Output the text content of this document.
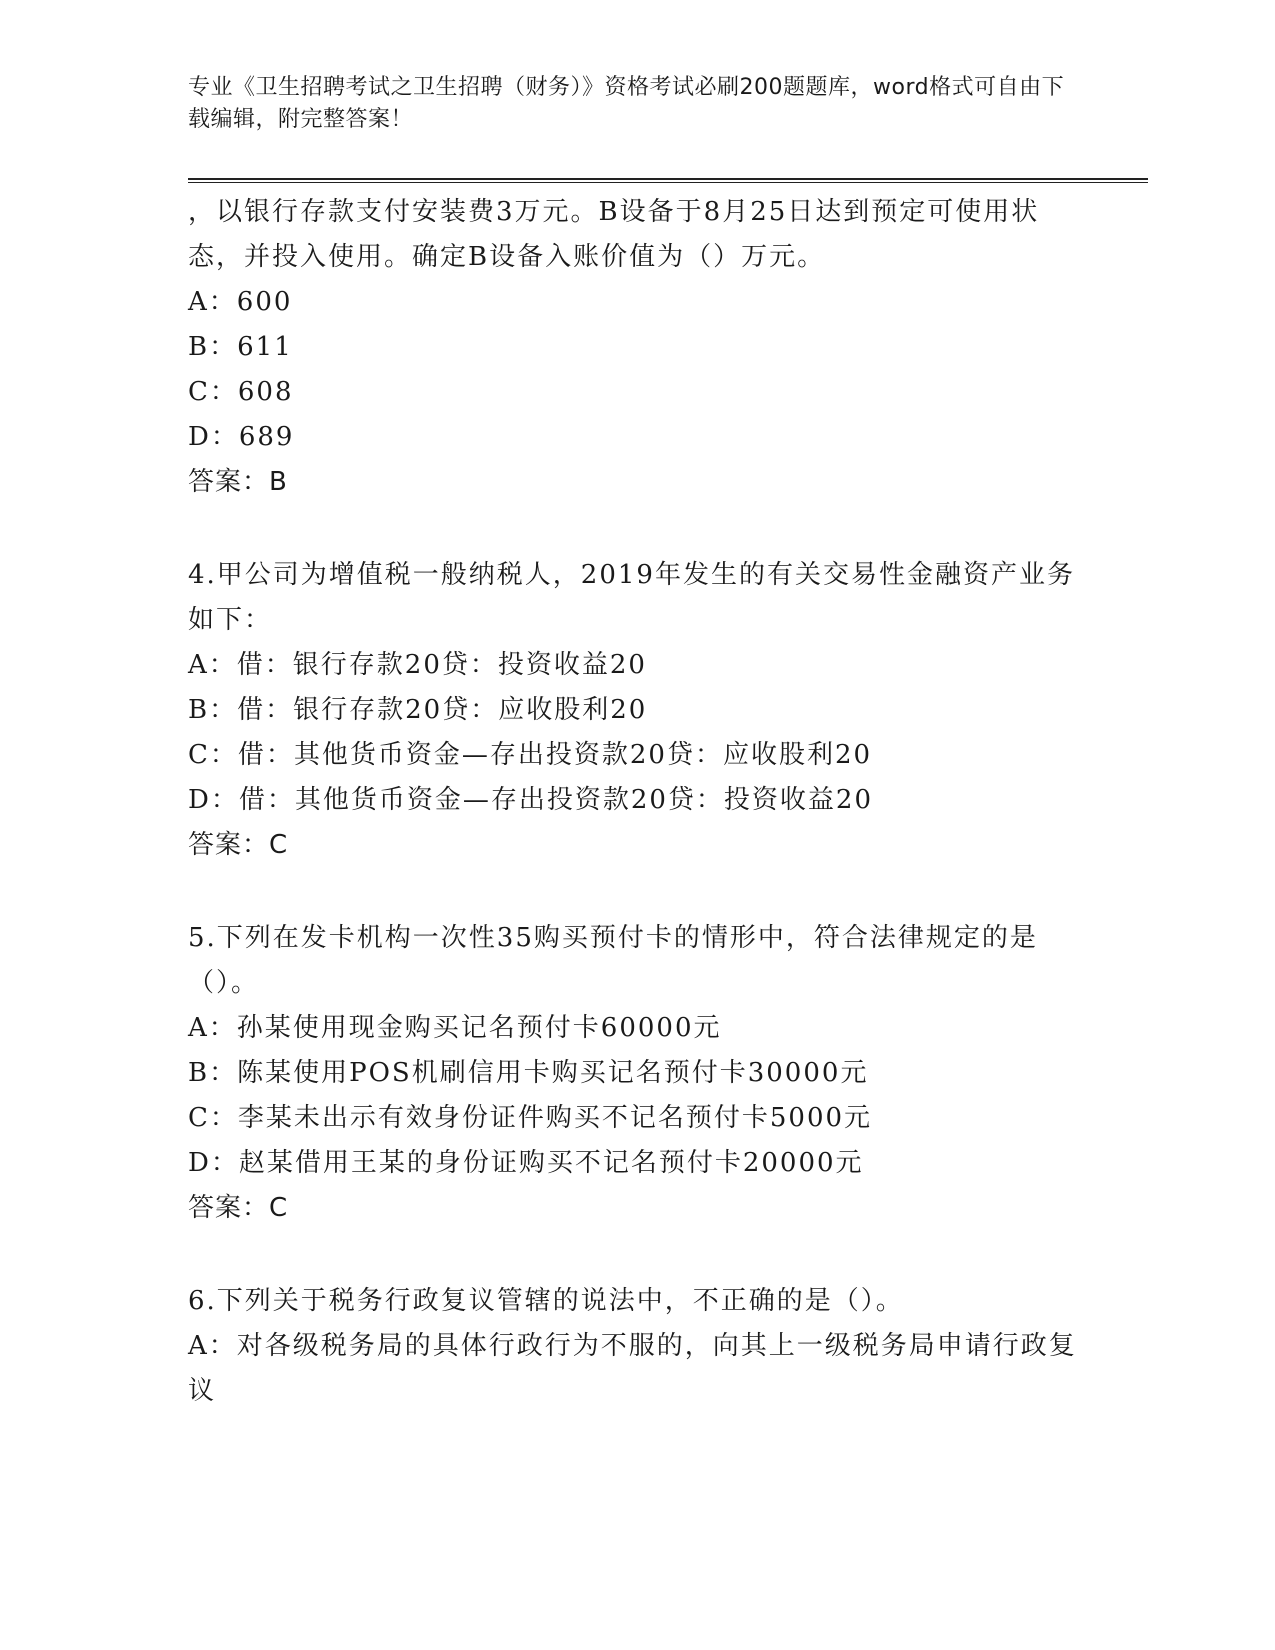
专业《卫生招聘考试之卫生招聘（财务）》资格考试必刷200题题库，word格式可自由下载编辑，附完整答案！
，以银行存款支付安装费3万元。B设备于8月25日达到预定可使用状态，并投入使用。确定B设备入账价值为（）万元。
A：600
B：611
C：608
D：689
答案：B
4.甲公司为增值税一般纳税人，2019年发生的有关交易性金融资产业务如下：
A：借：银行存款20贷：投资收益20
B：借：银行存款20贷：应收股利20
C：借：其他货币资金—存出投资款20贷：应收股利20
D：借：其他货币资金—存出投资款20贷：投资收益20
答案：C
5.下列在发卡机构一次性35购买预付卡的情形中，符合法律规定的是（）。
A：孙某使用现金购买记名预付卡60000元
B：陈某使用POS机刷信用卡购买记名预付卡30000元
C：李某未出示有效身份证件购买不记名预付卡5000元
D：赵某借用王某的身份证购买不记名预付卡20000元
答案：C
6.下列关于税务行政复议管辖的说法中，不正确的是（）。
A：对各级税务局的具体行政行为不服的，向其上一级税务局申请行政复议
